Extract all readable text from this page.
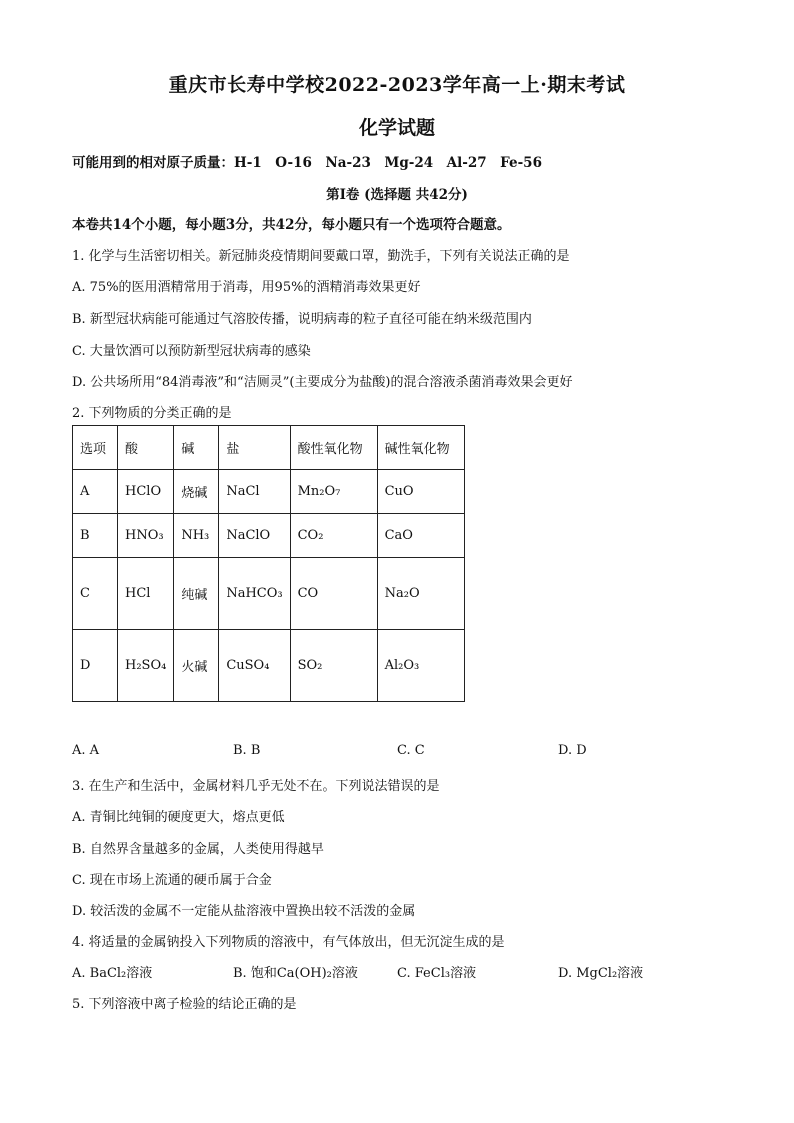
重庆市长寿中学校2022-2023学年高一上·期末考试
化学试题
可能用到的相对原子质量：H-1　O-16　Na-23　Mg-24　Al-27　Fe-56
第Ⅰ卷 (选择题 共42分)
本卷共14个小题，每小题3分，共42分，每小题只有一个选项符合题意。
1. 化学与生活密切相关。新冠肺炎疫情期间要戴口罩，勤洗手，下列有关说法正确的是
A. 75%的医用酒精常用于消毒，用95%的酒精消毒效果更好
B. 新型冠状病能可能通过气溶胶传播，说明病毒的粒子直径可能在纳米级范围内
C. 大量饮酒可以预防新型冠状病毒的感染
D. 公共场所用“84消毒液”和“洁厕灵”(主要成分为盐酸)的混合溶液杀菌消毒效果会更好
2. 下列物质的分类正确的是
选项	酸	碱	盐	酸性氧化物	碱性氧化物
A	HClO	烧碱	NaCl	Mn₂O₇	CuO
B	HNO₃	NH₃	NaClO	CO₂	CaO
C	HCl	纯碱	NaHCO₃	CO	Na₂O
D	H₂SO₄	火碱	CuSO₄	SO₂	Al₂O₃
A. A	B. B	C. C	D. D
3. 在生产和生活中，金属材料几乎无处不在。下列说法错误的是
A. 青铜比纯铜的硬度更大，熔点更低
B. 自然界含量越多的金属，人类使用得越早
C. 现在市场上流通的硬币属于合金
D. 较活泼的金属不一定能从盐溶液中置换出较不活泼的金属
4. 将适量的金属钠投入下列物质的溶液中，有气体放出，但无沉淀生成的是
A. BaCl₂溶液	B. 饱和Ca(OH)₂溶液	C. FeCl₃溶液	D. MgCl₂溶液
5. 下列溶液中离子检验的结论正确的是
